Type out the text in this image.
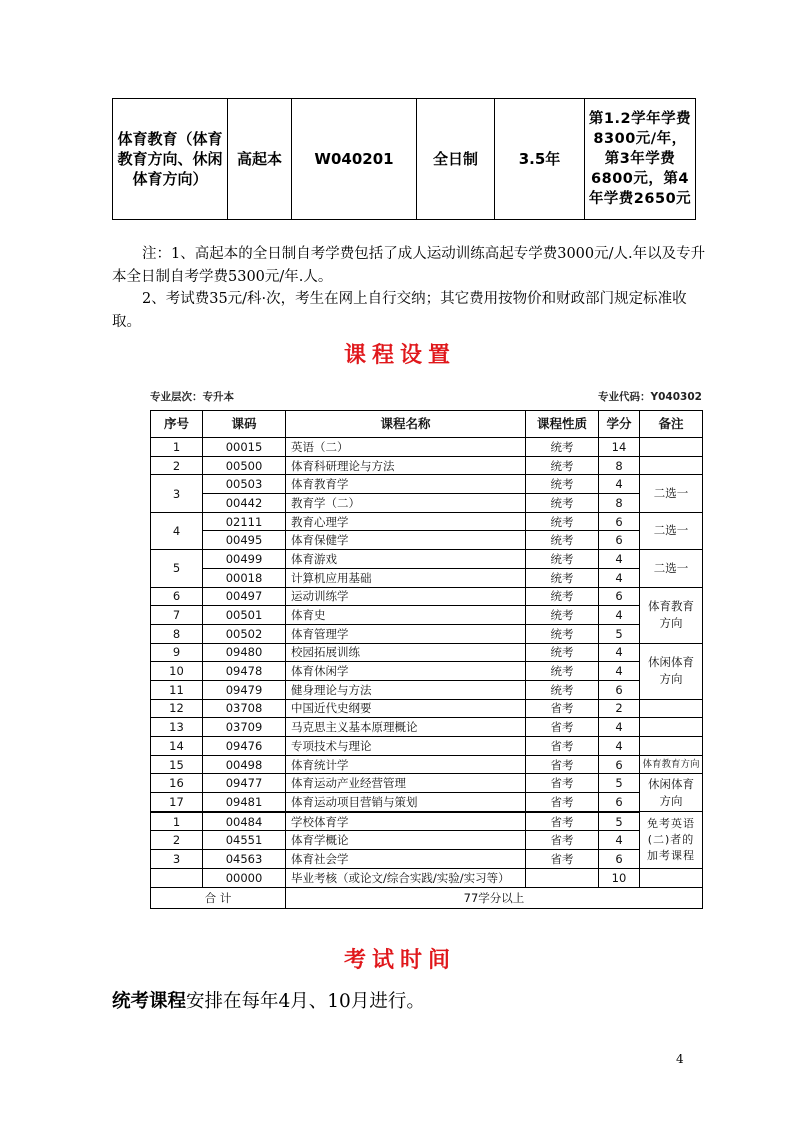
体育教育（体育教育方向、休闲体育方向）	高起本	W040201	全日制	3.5年	第1.2学年学费8300元/年，第3年学费6800元，第4年学费2650元

注：1、高起本的全日制自考学费包括了成人运动训练高起专学费3000元/人.年以及专升本全日制自考学费5300元/年.人。

2、考试费35元/科·次，考生在网上自行交纳；其它费用按物价和财政部门规定标准收取。

课程设置
专业层次：专升本	专业代码：Y040302
序号	课码	课程名称	课程性质	学分	备注
1	00015	英语（二）	统考	14	
2	00500	体育科研理论与方法	统考	8	
3	00503	体育教育学	统考	4	二选一
	00442	教育学（二）	统考	8	
4	02111	教育心理学	统考	6	二选一
	00495	体育保健学	统考	6	
5	00499	体育游戏	统考	4	二选一
	00018	计算机应用基础	统考	4	
6	00497	运动训练学	统考	6	体育教育方向
7	00501	体育史	统考	4	
8	00502	体育管理学	统考	5	
9	09480	校园拓展训练	统考	4	休闲体育方向
10	09478	体育休闲学	统考	4	
11	09479	健身理论与方法	统考	6	
12	03708	中国近代史纲要	省考	2	
13	03709	马克思主义基本原理概论	省考	4	
14	09476	专项技术与理论	省考	4	
15	00498	体育统计学	省考	6	体育教育方向
16	09477	体育运动产业经营管理	省考	5	休闲体育方向
17	09481	体育运动项目营销与策划	省考	6	
1	00484	学校体育学	省考	5	免考英语(二)者的加考课程
2	04551	体育学概论	省考	4	
3	04563	体育社会学	省考	6	
	00000	毕业考核（或论文/综合实践/实验/实习等）		10	
合 计		77学分以上			
考试时间
统考课程安排在每年4月、10月进行。
4
